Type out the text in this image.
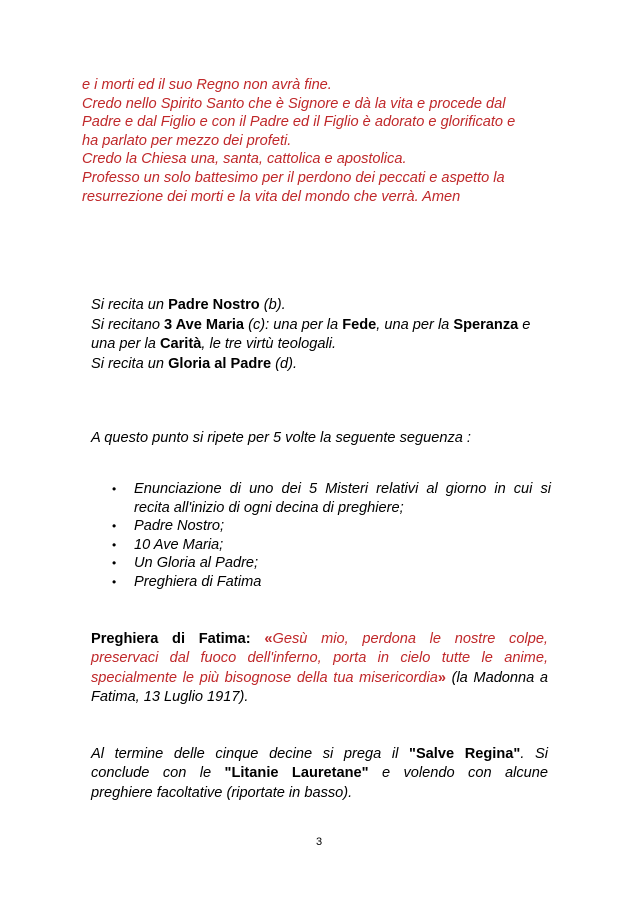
e i morti ed il suo Regno non avrà fine.
Credo nello Spirito Santo che è Signore e dà la vita e procede dal
Padre e dal Figlio e con il Padre ed il Figlio è adorato e glorificato e
ha parlato per mezzo dei profeti.
Credo la Chiesa una, santa, cattolica e apostolica.
Professo un solo battesimo per il perdono dei peccati e aspetto la
resurrezione dei morti e la vita del mondo che verrà. Amen
Si recita un Padre Nostro (b).
Si recitano 3 Ave Maria (c): una per la Fede, una per la Speranza e
una per la Carità, le tre virtù teologali.
Si recita un Gloria al Padre (d).
A questo punto si ripete per 5 volte la seguente seguenza :
• Enunciazione di uno dei 5 Misteri relativi al giorno in cui si
recita all'inizio di ogni decina di preghiere;
• Padre Nostro;
• 10 Ave Maria;
• Un Gloria al Padre;
• Preghiera di Fatima
Preghiera di Fatima: «Gesù mio, perdona le nostre colpe,
preservaci dal fuoco dell'inferno, porta in cielo tutte le anime,
specialmente le più bisognose della tua misericordia» (la Madonna a
Fatima, 13 Luglio 1917).
Al termine delle cinque decine si prega il "Salve Regina". Si
conclude con le "Litanie Lauretane" e volendo con alcune
preghiere facoltative (riportate in basso).
3
